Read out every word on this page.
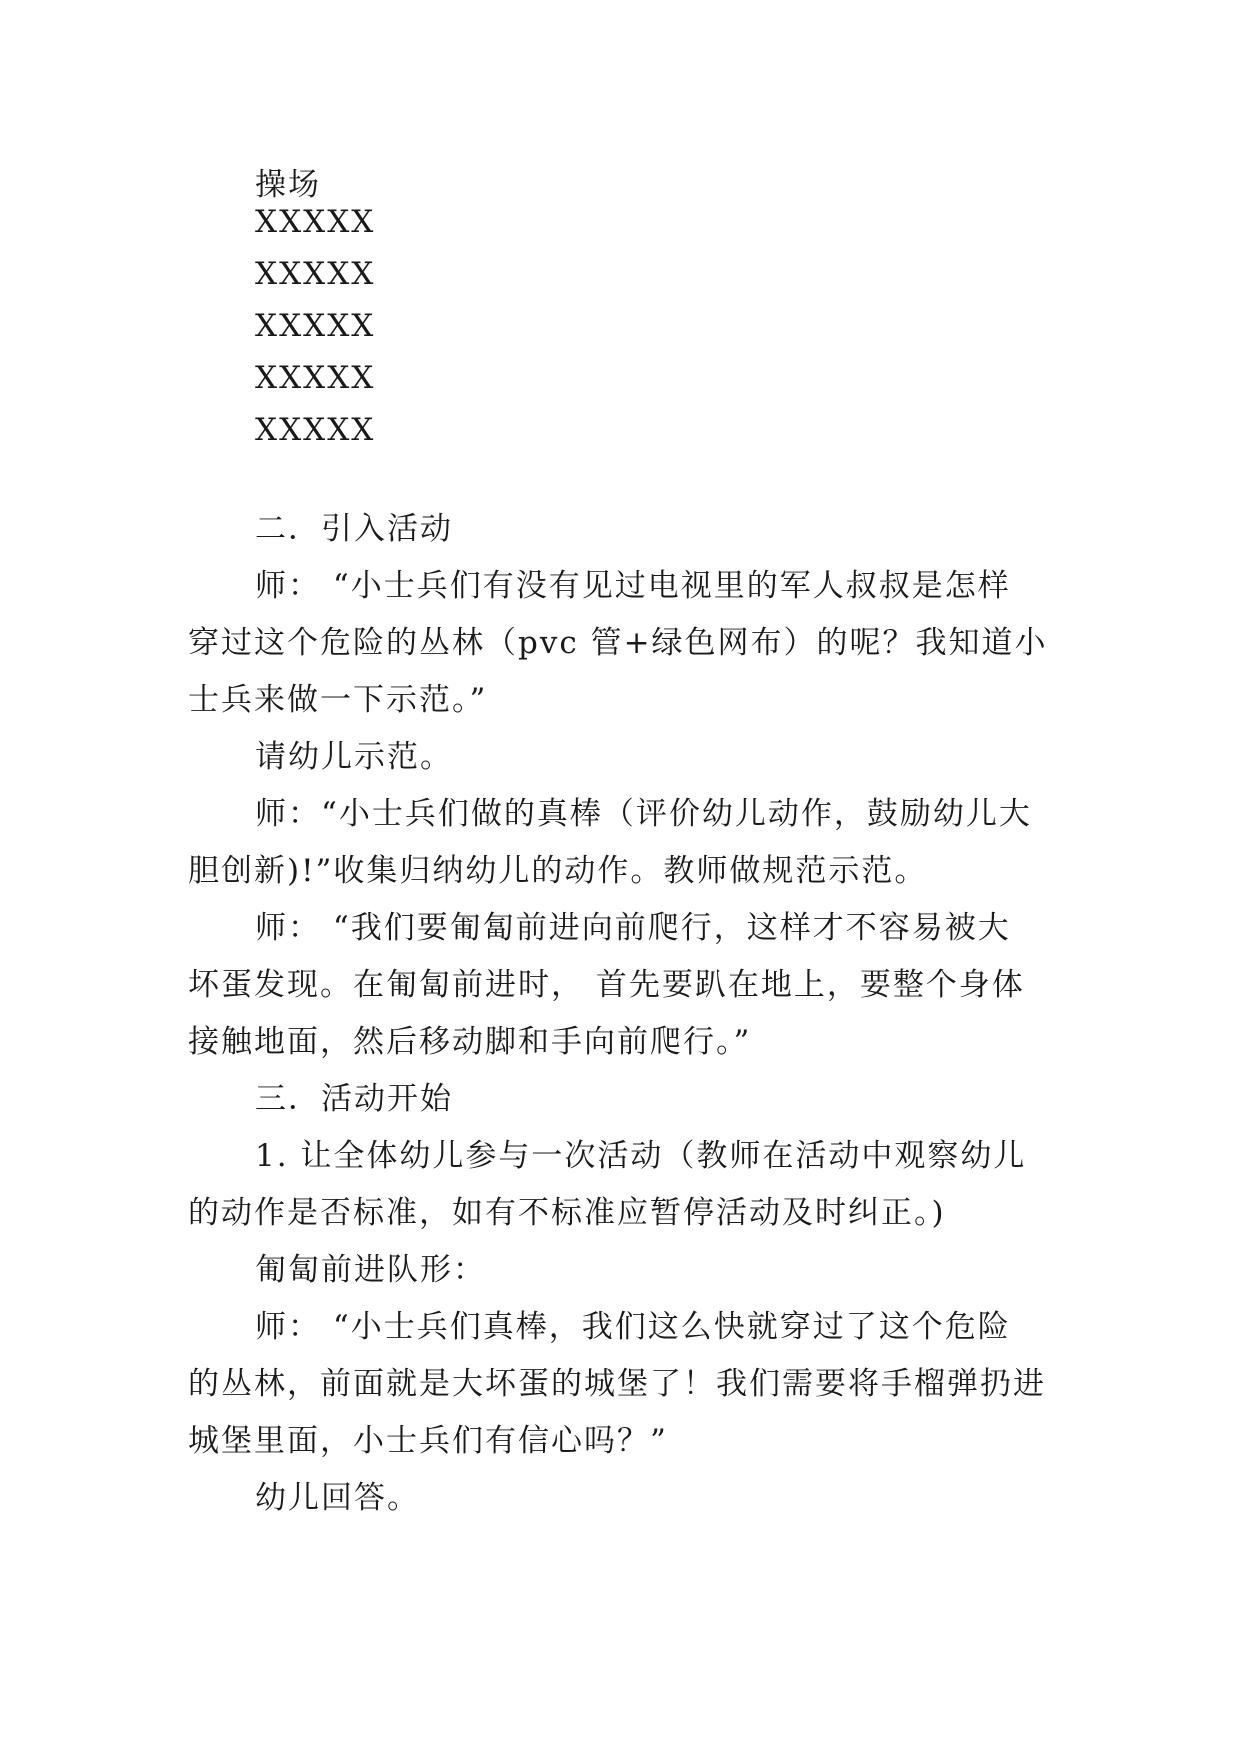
操场
XXXXX
XXXXX
XXXXX
XXXXX
XXXXX
二．引入活动
师： “小士兵们有没有见过电视里的军人叔叔是怎样
穿过这个危险的丛林（pvc 管+绿色网布）的呢？我知道小
士兵来做一下示范。”
请幼儿示范。
师：“小士兵们做的真棒（评价幼儿动作，鼓励幼儿大
胆创新)!”收集归纳幼儿的动作。教师做规范示范。
师： “我们要匍匐前进向前爬行，这样才不容易被大
坏蛋发现。在匍匐前进时， 首先要趴在地上，要整个身体
接触地面，然后移动脚和手向前爬行。”
三．活动开始
1. 让全体幼儿参与一次活动（教师在活动中观察幼儿
的动作是否标准，如有不标准应暂停活动及时纠正。)
匍匐前进队形：
师： “小士兵们真棒，我们这么快就穿过了这个危险
的丛林，前面就是大坏蛋的城堡了！我们需要将手榴弹扔进
城堡里面，小士兵们有信心吗？”
幼儿回答。
